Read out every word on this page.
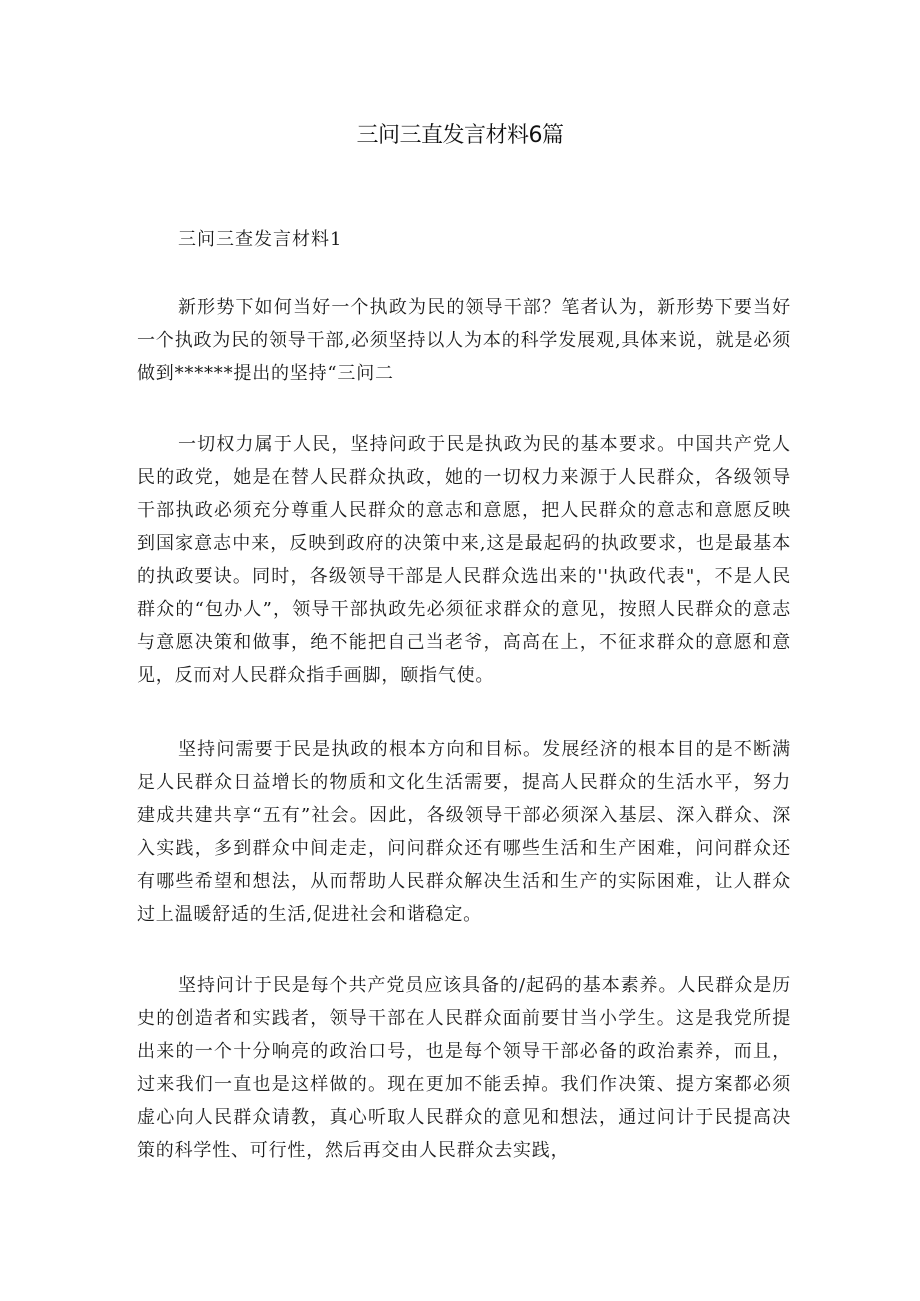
三问三直发言材料6篇
三问三查发言材料1

新形势下如何当好一个执政为民的领导干部？笔者认为，新形势下要当好一个执政为民的领导干部,必须坚持以人为本的科学发展观,具体来说，就是必须做到******提出的坚持“三问二

一切权力属于人民，坚持问政于民是执政为民的基本要求。中国共产党人民的政党，她是在替人民群众执政，她的一切权力来源于人民群众，各级领导干部执政必须充分尊重人民群众的意志和意愿，把人民群众的意志和意愿反映到国家意志中来，反映到政府的决策中来,这是最起码的执政要求，也是最基本的执政要诀。同时，各级领导干部是人民群众选出来的''执政代表"，不是人民群众的“包办人”，领导干部执政先必须征求群众的意见，按照人民群众的意志与意愿决策和做事，绝不能把自己当老爷，高高在上，不征求群众的意愿和意见，反而对人民群众指手画脚，颐指气使。

坚持问需要于民是执政的根本方向和目标。发展经济的根本目的是不断满足人民群众日益增长的物质和文化生活需要，提高人民群众的生活水平，努力建成共建共享“五有”社会。因此，各级领导干部必须深入基层、深入群众、深入实践，多到群众中间走走，问问群众还有哪些生活和生产困难，问问群众还有哪些希望和想法，从而帮助人民群众解决生活和生产的实际困难，让人群众过上温暖舒适的生活,促进社会和谐稳定。

坚持问计于民是每个共产党员应该具备的/起码的基本素养。人民群众是历史的创造者和实践者，领导干部在人民群众面前要甘当小学生。这是我党所提出来的一个十分响亮的政治口号，也是每个领导干部必备的政治素养，而且，过来我们一直也是这样做的。现在更加不能丢掉。我们作决策、提方案都必须虚心向人民群众请教，真心听取人民群众的意见和想法，通过问计于民提高决策的科学性、可行性，然后再交由人民群众去实践，
